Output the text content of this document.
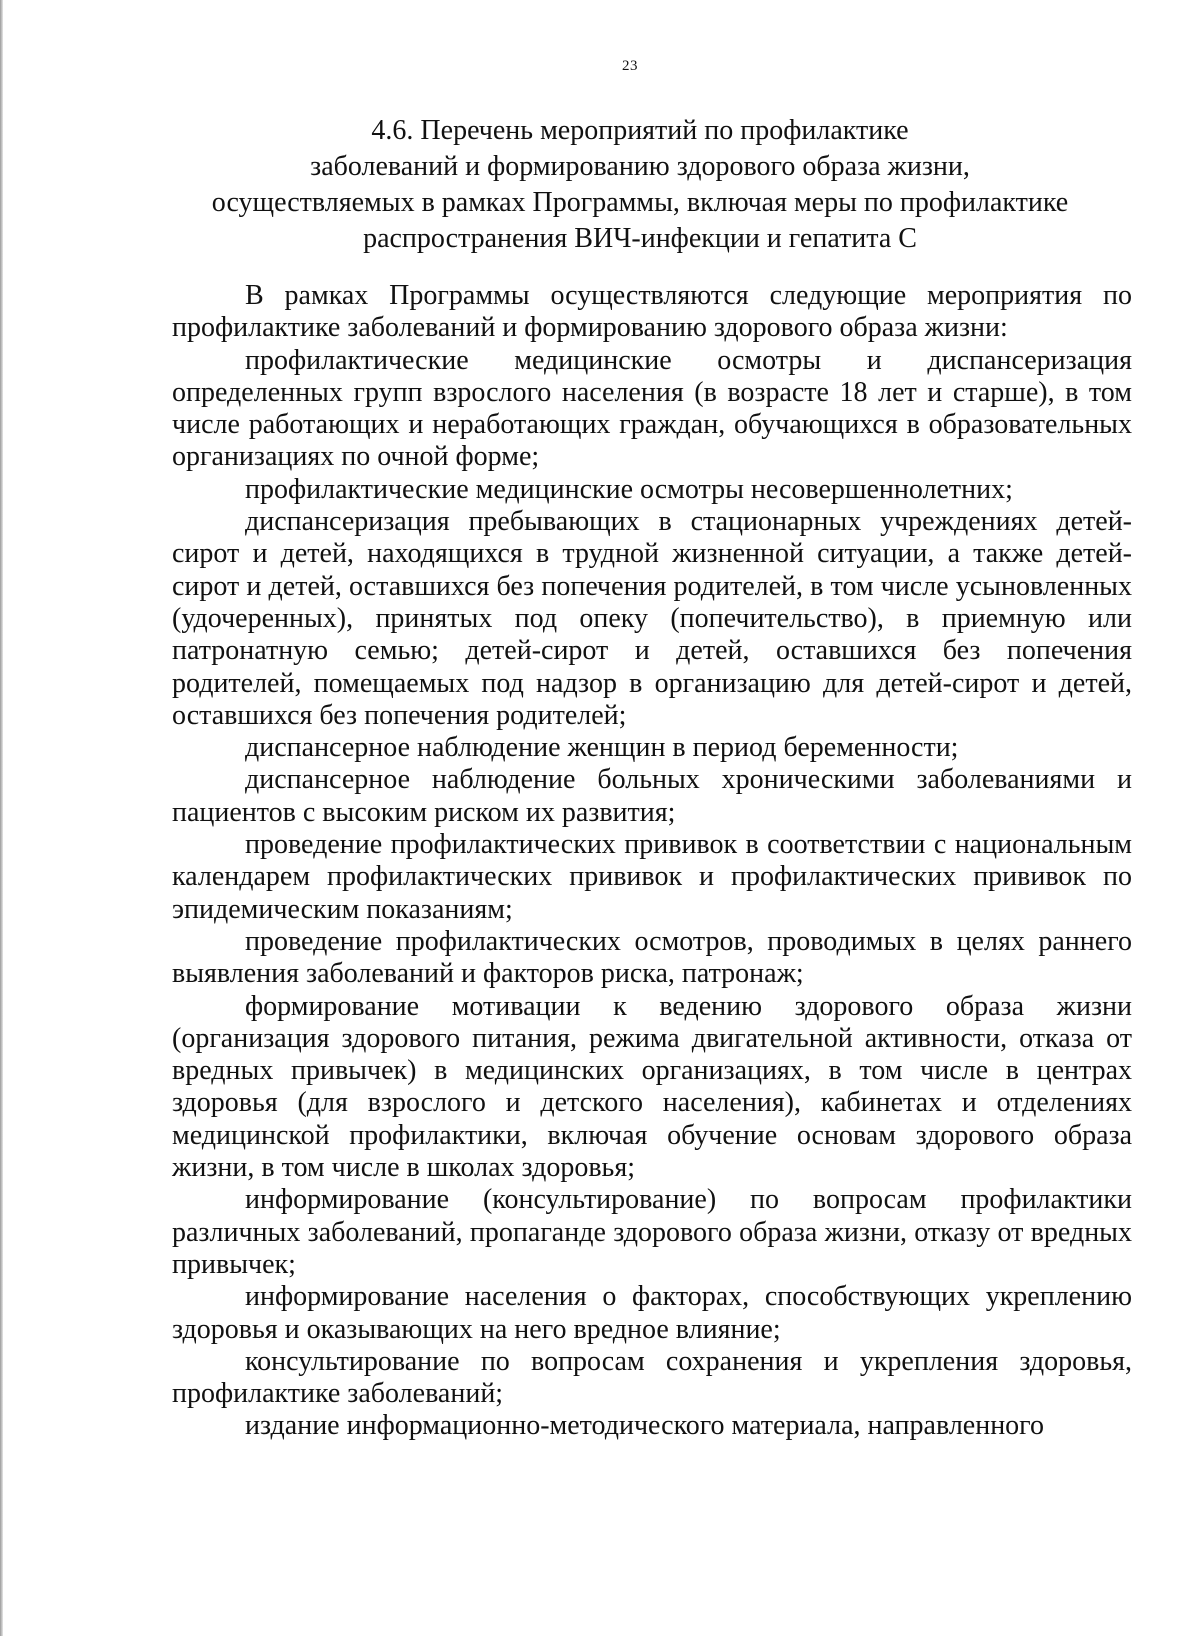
23
4.6. Перечень мероприятий по профилактике
заболеваний и формированию здорового образа жизни,
осуществляемых в рамках Программы, включая меры по профилактике
распространения ВИЧ-инфекции и гепатита С

В рамках Программы осуществляются следующие мероприятия по профилактике заболеваний и формированию здорового образа жизни:

профилактические медицинские осмотры и диспансеризация определенных групп взрослого населения (в возрасте 18 лет и старше), в том числе работающих и неработающих граждан, обучающихся в образовательных организациях по очной форме;

профилактические медицинские осмотры несовершеннолетних;

диспансеризация пребывающих в стационарных учреждениях детей-сирот и детей, находящихся в трудной жизненной ситуации, а также детей-сирот и детей, оставшихся без попечения родителей, в том числе усыновленных (удочеренных), принятых под опеку (попечительство), в приемную или патронатную семью; детей-сирот и детей, оставшихся без попечения родителей, помещаемых под надзор в организацию для детей-сирот и детей, оставшихся без попечения родителей;

диспансерное наблюдение женщин в период беременности;

диспансерное наблюдение больных хроническими заболеваниями и пациентов с высоким риском их развития;

проведение профилактических прививок в соответствии с национальным календарем профилактических прививок и профилактических прививок по эпидемическим показаниям;

проведение профилактических осмотров, проводимых в целях раннего выявления заболеваний и факторов риска, патронаж;

формирование мотивации к ведению здорового образа жизни (организация здорового питания, режима двигательной активности, отказа от вредных привычек) в медицинских организациях, в том числе в центрах здоровья (для взрослого и детского населения), кабинетах и отделениях медицинской профилактики, включая обучение основам здорового образа жизни, в том числе в школах здоровья;

информирование (консультирование) по вопросам профилактики различных заболеваний, пропаганде здорового образа жизни, отказу от вредных привычек;

информирование населения о факторах, способствующих укреплению здоровья и оказывающих на него вредное влияние;

консультирование по вопросам сохранения и укрепления здоровья, профилактике заболеваний;

издание информационно-методического материала, направленного
